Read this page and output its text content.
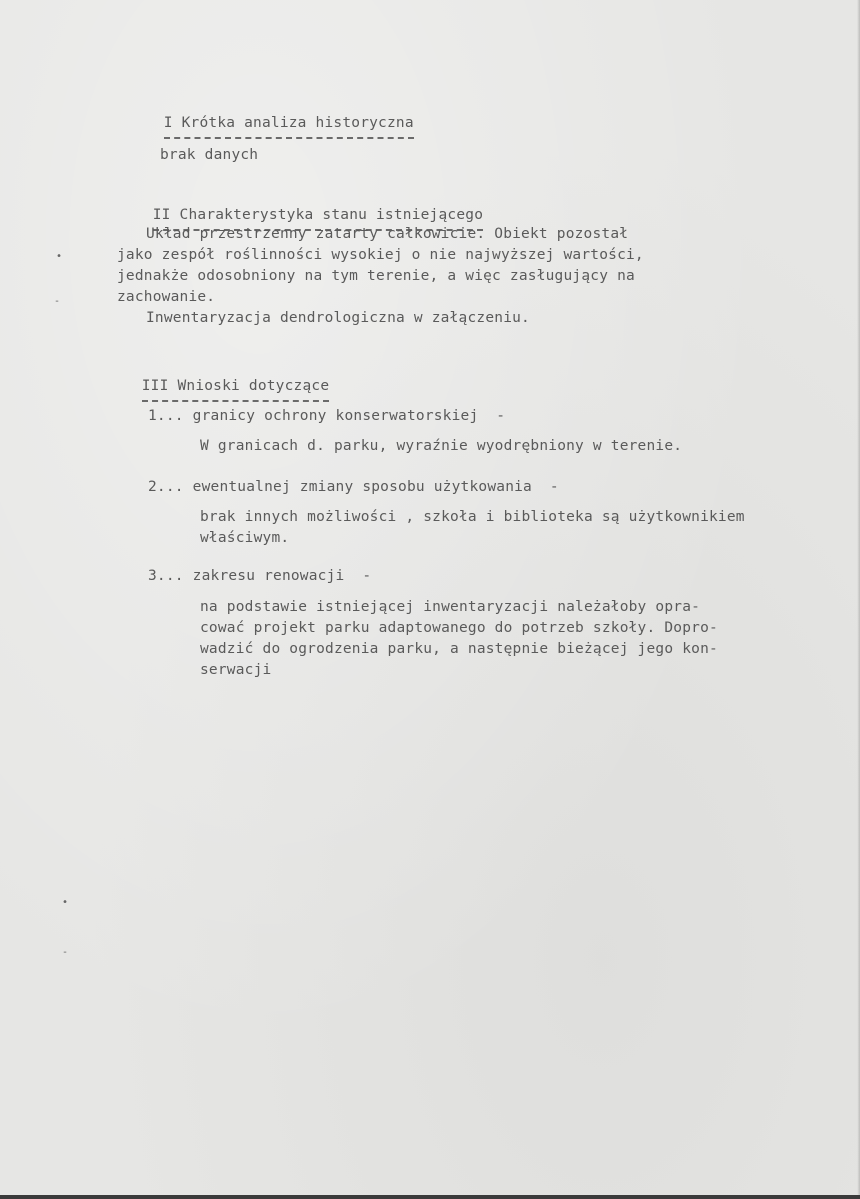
•
-
•
-

I Krótka analiza historyczna

brak danych

II Charakterystyka stanu istniejącego

Układ przestrzenny zatarty całkowicie. Obiekt pozostał
jako zespół roślinności wysokiej o nie najwyższej wartości,
jednakże odosobniony na tym terenie, a więc zasługujący na
zachowanie.
Inwentaryzacja dendrologiczna w załączeniu.

III Wnioski dotyczące

1... granicy ochrony konserwatorskiej  -
W granicach d. parku, wyraźnie wyodrębniony w terenie.
2... ewentualnej zmiany sposobu użytkowania  -
brak innych możliwości , szkoła i biblioteka są użytkownikiem
właściwym.
3... zakresu renowacji  -
na podstawie istniejącej inwentaryzacji należałoby opra-
cować projekt parku adaptowanego do potrzeb szkoły. Dopro-
wadzić do ogrodzenia parku, a następnie bieżącej jego kon-
serwacji
